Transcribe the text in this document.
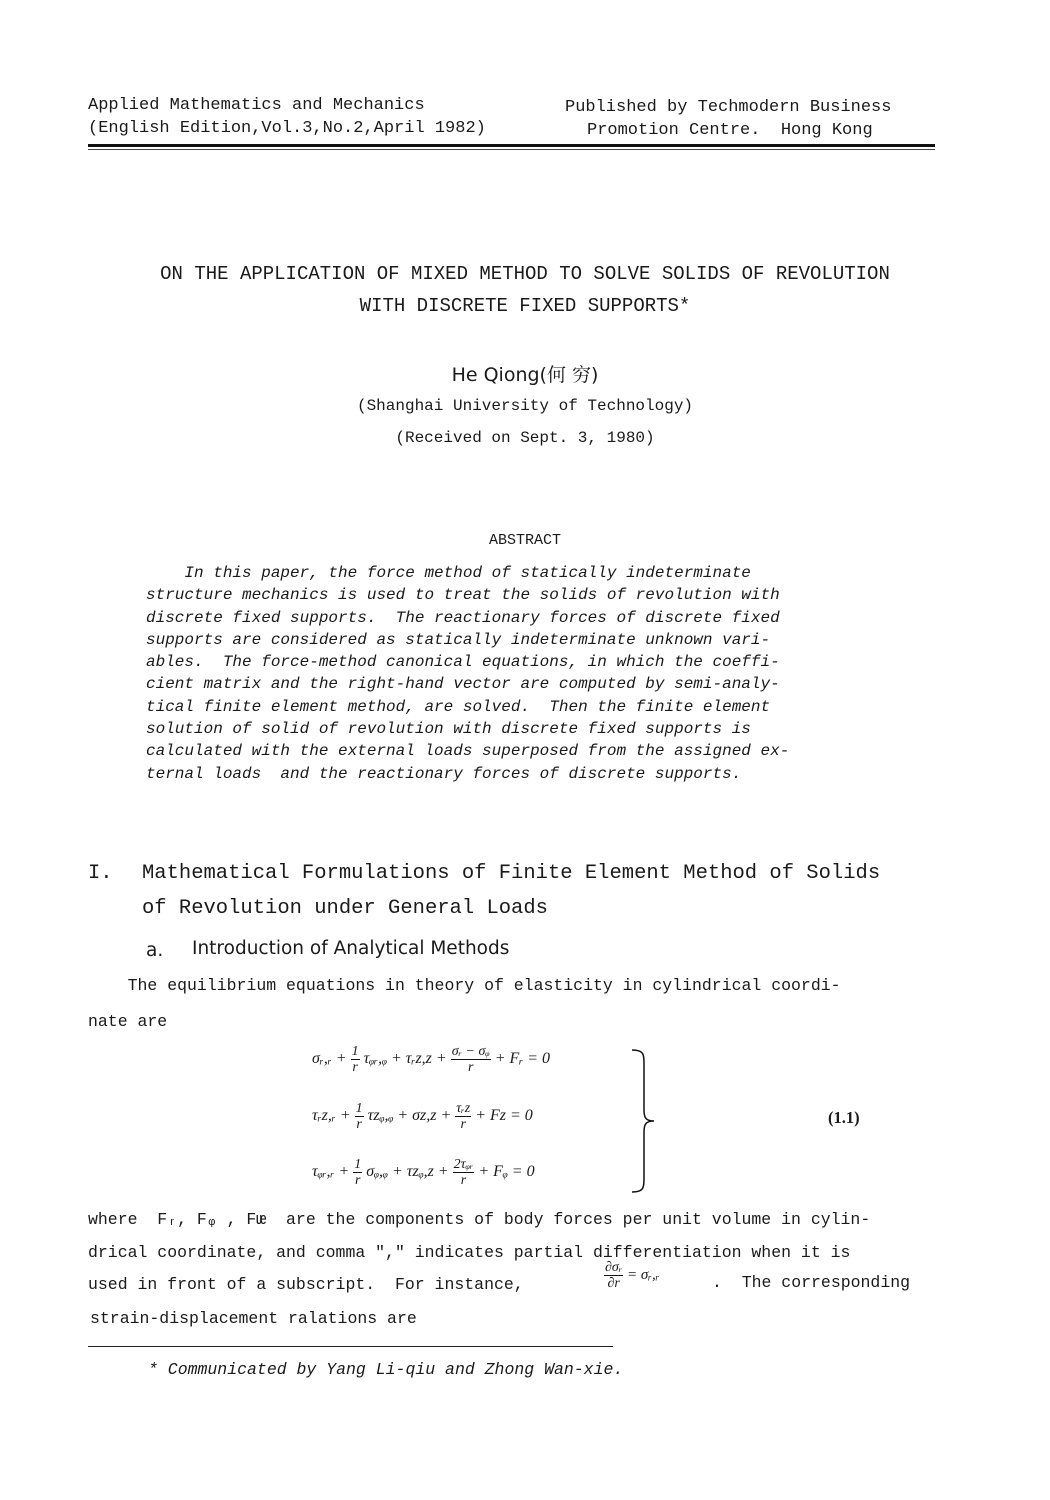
Applied Mathematics and Mechanics
(English Edition,Vol.3,No.2,April 1982)
Published by Techmodern Business
Promotion Centre.  Hong Kong
ON THE APPLICATION OF MIXED METHOD TO SOLVE SOLIDS OF REVOLUTION
WITH DISCRETE FIXED SUPPORTS*
He Qiong(何 穷)
(Shanghai University of Technology)
(Received on Sept. 3, 1980)
ABSTRACT
In this paper, the force method of statically indeterminate
structure mechanics is used to treat the solids of revolution with
discrete fixed supports.  The reactionary forces of discrete fixed
supports are considered as statically indeterminate unknown vari-
ables.  The force-method canonical equations, in which the coeffi-
cient matrix and the right-hand vector are computed by semi-analy-
tical finite element method, are solved.  Then the finite element
solution of solid of revolution with discrete fixed supports is
calculated with the external loads superposed from the assigned ex-
ternal loads  and the reactionary forces of discrete supports.
I. Mathematical Formulations of Finite Element Method of Solids
of Revolution under General Loads
a. Introduction of Analytical Methods
The equilibrium equations in theory of elasticity in cylindrical coordi-
nate are
σᵣ,ᵣ + $\frac{1}{r}$ τᵩᵣ,ᵩ + τᵣz,z + $\frac{\text{σᵣ − σᵩ}}{r}$ + Fᵣ = 0
τᵣz,ᵣ + $\frac{1}{r}$ τzᵩ,ᵩ + $\sigma z,z + \frac{\text{τᵣz}}{r} + Fz = 0$
τᵩᵣ,ᵣ + $\frac{1}{r}$ σᵩ,ᵩ + τzᵩ,z + $\frac{\text{2τᵩᵣ}}{r}$ + Fᵩ = 0
(1.1)
where  Fᵣ, Fᵩ , Fᵫ  are the components of body forces per unit volume in cylin-
drical coordinate, and comma "," indicates partial differentiation when it is
used in front of a subscript.  For instance,	$\frac{\text{∂σᵣ}}{\partial r}$ = σᵣ,ᵣ	.  The corresponding
strain-displacement ralations are
* Communicated by Yang Li-qiu and Zhong Wan-xie.
